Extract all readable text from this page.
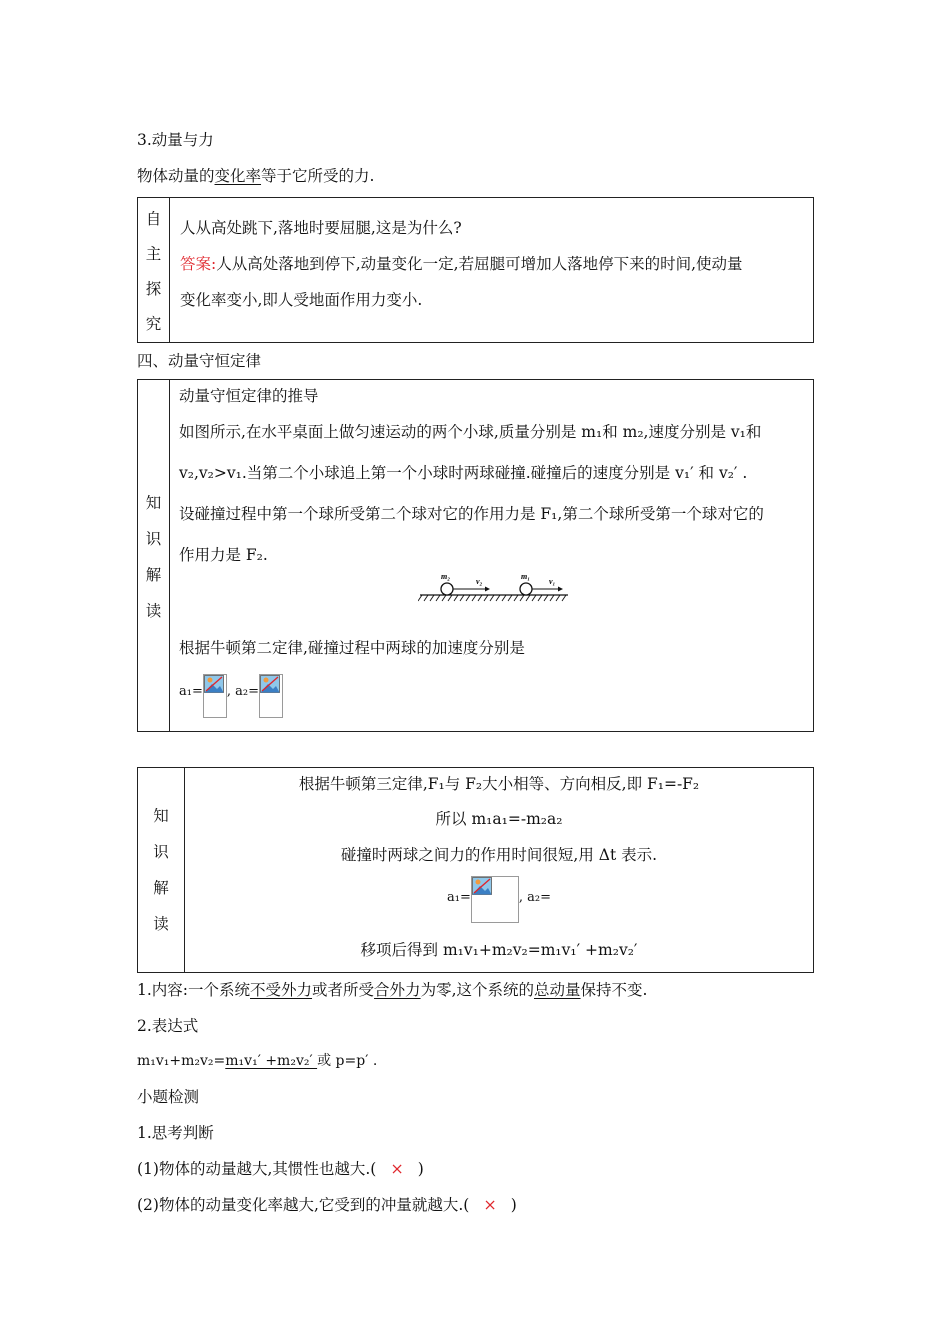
3.动量与力
物体动量的变化率等于它所受的力.
自
主
探
究

人从高处跳下,落地时要屈腿,这是为什么?
答案:人从高处落地到停下,动量变化一定,若屈腿可增加人落地停下来的时间,使动量
变化率变小,即人受地面作用力变小.
四、动量守恒定律
知
识
解
读

动量守恒定律的推导
如图所示,在水平桌面上做匀速运动的两个小球,质量分别是 m₁和 m₂,速度分别是 v₁和
v₂,v₂>v₁.当第二个小球追上第一个小球时两球碰撞.碰撞后的速度分别是 v₁′ 和 v₂′ .
设碰撞过程中第一个球所受第二个球对它的作用力是 F₁,第二个球所受第一个球对它的
作用力是 F₂.
m₂
v₂
m₁
v₁
根据牛顿第二定律,碰撞过程中两球的加速度分别是
a₁= , a₂=
知
识
解
读

根据牛顿第三定律,F₁与 F₂大小相等、方向相反,即 F₁=-F₂
所以 m₁a₁=-m₂a₂
碰撞时两球之间力的作用时间很短,用 Δt 表示.
a₁=	, a₂=
移项后得到 m₁v₁+m₂v₂=m₁v₁′ +m₂v₂′
1.内容:一个系统不受外力或者所受合外力为零,这个系统的总动量保持不变.
2.表达式
m₁v₁+m₂v₂=m₁v₁′ +m₂v₂′ 或 p=p′ .
小题检测
1.思考判断
(1)物体的动量越大,其惯性也越大.( × )
(2)物体的动量变化率越大,它受到的冲量就越大.( × )
